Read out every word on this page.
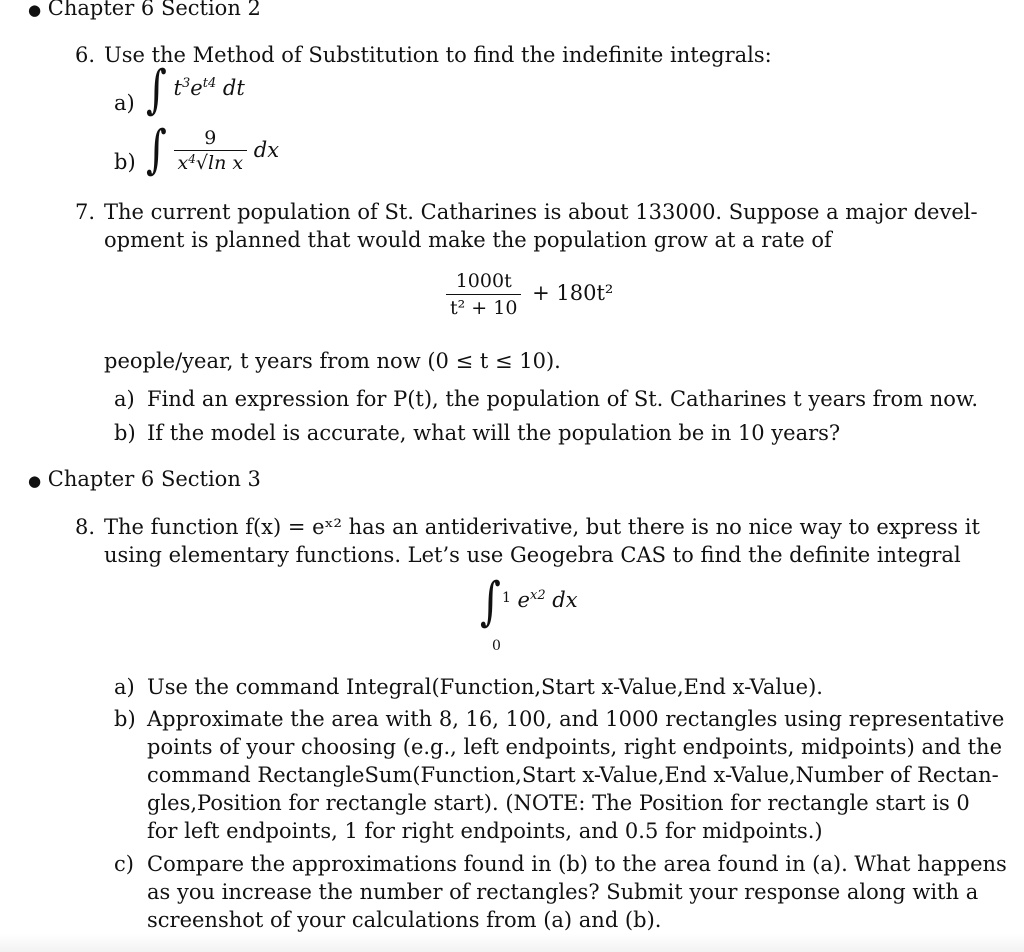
● Chapter 6 Section 2
6. Use the Method of Substitution to find the indefinite integrals:
a) ∫ $t^3e^{t4}$ dt
b) ∫ $\frac{9}{x^4√\ln x}$ dx
7. The current population of St. Catharines is about 133000. Suppose a major devel-
opment is planned that would make the population grow at a rate of
$\frac{1000t}{\text{t² + 10}} + 180t^2$
people/year, t years from now (0 ≤ t ≤ 10).
a) Find an expression for P(t), the population of St. Catharines t years from now.
b) If the model is accurate, what will the population be in 10 years?
● Chapter 6 Section 3
8. The function f(x) = eˣ² has an antiderivative, but there is no nice way to express it
using elementary functions. Let’s use Geogebra CAS to find the definite integral
∫ 1
0
$e^{x2}$ dx
a) Use the command Integral(Function,Start x-Value,End x-Value).
b) Approximate the area with 8, 16, 100, and 1000 rectangles using representative
points of your choosing (e.g., left endpoints, right endpoints, midpoints) and the
command RectangleSum(Function,Start x-Value,End x-Value,Number of Rectan-
gles,Position for rectangle start). (NOTE: The Position for rectangle start is 0
for left endpoints, 1 for right endpoints, and 0.5 for midpoints.)
c) Compare the approximations found in (b) to the area found in (a). What happens
as you increase the number of rectangles? Submit your response along with a
screenshot of your calculations from (a) and (b).
